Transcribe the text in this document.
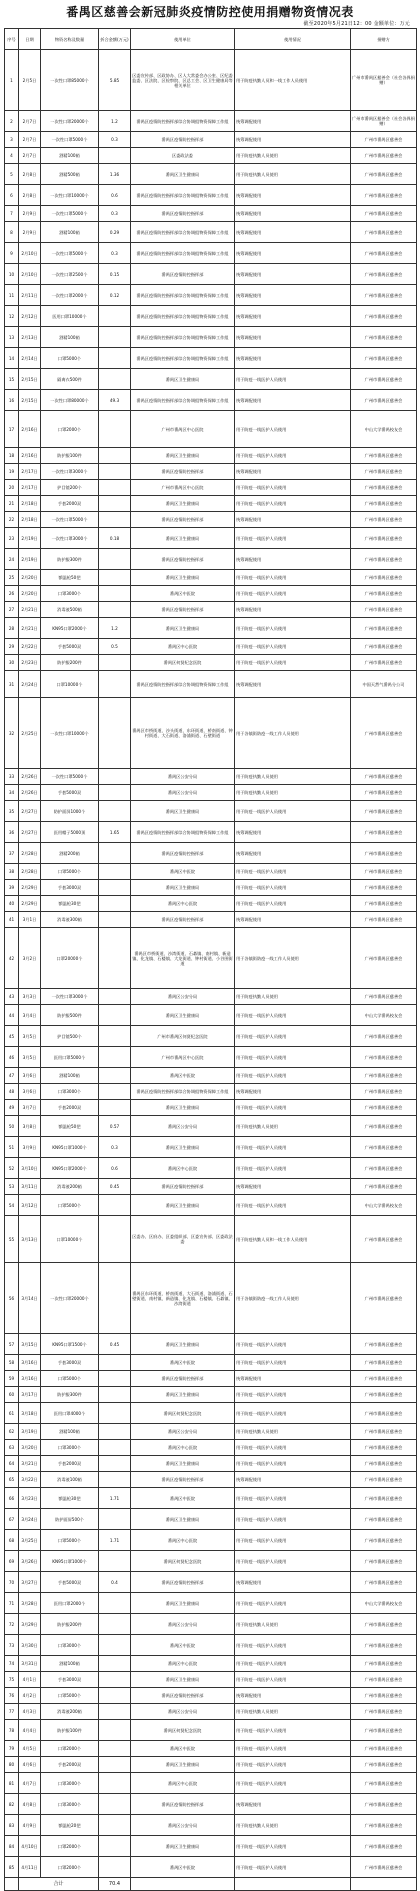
番禺区慈善会新冠肺炎疫情防控使用捐赠物资情况表
截至2020年5月21日12：00 金额单位：万元
序号	日期	物资名称及数量	折合金额(万元)	使用单位	使用情况	捐赠方
1	2月5日	一次性口罩85000个	5.85	区委宣传部、区政协办、区人大常委会办公室、区纪委监委、区法院、区检察院、区总工会、区卫生健康局等相关单位	用于防疫执勤人员和一线工作人员使用	广州市番禺区慈善会（社会各界捐赠）
2	2月7日	一次性口罩20000个	1.2	番禺区疫情防控指挥部综合协调组物资保障工作组	统筹调配使用	广州市番禺区慈善会（社会各界捐赠）
3	2月7日	一次性口罩5000个	0.3	番禺区疫情防控指挥部	统筹调配使用	广州市番禺区慈善会
4	2月7日	酒精100箱		区委政法委	用于防疫执勤人员使用	广州市番禺区慈善会
5	2月8日	酒精500箱	1.36	番禺区卫生健康局	用于防疫执勤人员使用	广州市番禺区慈善会
6	2月8日	一次性口罩10000个	0.6	番禺区疫情防控指挥部综合协调组物资保障工作组	统筹调配使用	广州市番禺区慈善会
7	2月9日	一次性口罩5000个	0.3	番禺区疫情防控指挥部	统筹调配使用	广州市番禺区慈善会
8	2月9日	酒精100箱	0.29	番禺区疫情防控指挥部综合协调组物资保障工作组	统筹调配使用	广州市番禺区慈善会
9	2月10日	一次性口罩5000个	0.3	番禺区疫情防控指挥部综合协调组物资保障工作组	统筹调配使用	广州市番禺区慈善会
10	2月10日	一次性口罩2500个	0.15	番禺区疫情防控指挥部	统筹调配使用	广州市番禺区慈善会
11	2月11日	一次性口罩2000个	0.12	番禺区疫情防控指挥部综合协调组物资保障工作组	统筹调配使用	广州市番禺区慈善会
12	2月12日	医用口罩10000个		番禺区疫情防控指挥部综合协调组物资保障工作组	统筹调配使用	广州市番禺区慈善会
13	2月13日	酒精100箱		番禺区疫情防控指挥部综合协调组物资保障工作组	统筹调配使用	广州市番禺区慈善会
14	2月14日	口罩5000个		番禺区疫情防控指挥部综合协调组物资保障工作组	统筹调配使用	广州市番禺区慈善会
15	2月15日	隔离衣500件		番禺区卫生健康局	用于防疫一线医护人员使用	广州市番禺区慈善会
16	2月15日	一次性口罩80000个	49.3	番禺区疫情防控指挥部综合协调组物资保障工作组	统筹调配使用	广州市番禺区慈善会
17	2月16日	口罩2000个		广州市番禺区中心医院	用于防疫一线医护人员使用	中山大学番禺校友会
18	2月16日	防护服100件		番禺区卫生健康局	用于防疫一线医护人员使用	广州市番禺区慈善会
19	2月17日	一次性口罩3000个		番禺区疫情防控指挥部	统筹调配使用	广州市番禺区慈善会
20	2月17日	护目镜200个		广州市番禺区中心医院	用于防疫一线医护人员使用	广州市番禺区慈善会
21	2月18日	手套2000双		番禺区卫生健康局	用于防疫一线医护人员使用	广州市番禺区慈善会
22	2月18日	一次性口罩5000个		番禺区疫情防控指挥部	统筹调配使用	广州市番禺区慈善会
23	2月19日	一次性口罩3000个	0.18	番禺区卫生健康局	用于防疫一线医护人员使用	广州市番禺区慈善会
24	2月19日	防护服300件		番禺区疫情防控指挥部	统筹调配使用	广州市番禺区慈善会
25	2月20日	额温枪50把		番禺区卫生健康局	用于防疫一线医护人员使用	广州市番禺区慈善会
26	2月20日	口罩3000个		番禺区中医院	用于防疫一线医护人员使用	广州市番禺区慈善会
27	2月21日	消毒液500箱		番禺区疫情防控指挥部	统筹调配使用	广州市番禺区慈善会
28	2月21日	KN95口罩2000个	1.2	番禺区卫生健康局	用于防疫一线医护人员使用	广州市番禺区慈善会
29	2月22日	手套5000双	0.5	番禺区中心医院	用于防疫一线医护人员使用	广州市番禺区慈善会
30	2月23日	防护服200件		番禺区何贤纪念医院	用于防疫一线医护人员使用	广州市番禺区慈善会
31	2月24日	口罩10000个		番禺区疫情防控指挥部综合协调组物资保障工作组	统筹调配使用	中国天然气番禺分公司
32	2月25日	一次性口罩10000个		番禺区市桥街道、沙头街道、东环街道、桥南街道、钟村街道、大石街道、洛浦街道、石壁街道	用于各镇街防疫一线工作人员使用	广州市番禺区慈善会
33	2月26日	一次性口罩5000个		番禺区公安分局	用于防疫执勤人员使用	广州市番禺区慈善会
34	2月26日	手套5000双		番禺区公安分局	用于防疫执勤人员使用	广州市番禺区慈善会
35	2月27日	防护面屏1000个		番禺区卫生健康局	用于防疫一线医护人员使用	广州市番禺区慈善会
36	2月27日	医用帽子5000顶	1.65	番禺区疫情防控指挥部综合协调组物资保障工作组	统筹调配使用	广州市番禺区慈善会
37	2月28日	酒精200箱		番禺区疫情防控指挥部	统筹调配使用	广州市番禺区慈善会
38	2月28日	口罩5000个		番禺区中医院	用于防疫一线医护人员使用	广州市番禺区慈善会
39	2月29日	手套3000双		番禺区卫生健康局	用于防疫一线医护人员使用	广州市番禺区慈善会
40	2月29日	额温枪30把		番禺区中心医院	用于防疫一线医护人员使用	广州市番禺区慈善会
41	3月1日	消毒液300箱		番禺区疫情防控指挥部	统筹调配使用	广州市番禺区慈善会
42	3月2日	口罩20000个		番禺区市桥街道、沙湾街道、石碁镇、南村镇、新造镇、化龙镇、石楼镇、大龙街道、钟村街道、小谷围街道	用于各镇街防疫一线工作人员使用	广州市番禺区慈善会
43	3月3日	一次性口罩3000个		番禺区公安分局	用于防疫执勤人员使用	广州市番禺区慈善会
44	3月4日	防护服500件		番禺区卫生健康局	用于防疫一线医护人员使用	中山大学番禺校友会
45	3月5日	护目镜500个		广州市番禺区何贤纪念医院	用于防疫一线医护人员使用	广州市番禺区慈善会
46	3月5日	医用口罩5000个		广州市番禺区中心医院	用于防疫一线医护人员使用	广州市番禺区慈善会
47	3月6日	酒精100箱		番禺区中医院	用于防疫一线医护人员使用	广州市番禺区慈善会
48	3月6日	口罩3000个		番禺区疫情防控指挥部综合协调组物资保障工作组	统筹调配使用	广州市番禺区慈善会
49	3月7日	手套2000双		番禺区卫生健康局	用于防疫一线医护人员使用	广州市番禺区慈善会
50	3月8日	额温枪50把	0.57	番禺区公安分局	用于防疫执勤人员使用	广州市番禺区慈善会
51	3月9日	KN95口罩1000个	0.3	番禺区卫生健康局	用于防疫一线医护人员使用	广州市番禺区慈善会
52	3月10日	KN95口罩2000个	0.6	番禺区中心医院	用于防疫一线医护人员使用	广州市番禺区慈善会
53	3月11日	消毒液200箱	0.45	番禺区疫情防控指挥部	统筹调配使用	广州市番禺区慈善会
54	3月12日	口罩5000个		番禺区卫生健康局	用于防疫一线医护人员使用	中山大学番禺校友会
55	3月13日	口罩10000个		区委办、区府办、区委组织部、区委宣传部、区委政法委	用于防疫执勤人员和一线工作人员使用	广州市番禺区慈善会
56	3月14日	一次性口罩20000个		番禺区东环街道、桥南街道、大石街道、洛浦街道、石壁街道、南村镇、新造镇、化龙镇、石楼镇、石碁镇、沙湾街道	用于各镇街防疫一线工作人员使用	广州市番禺区慈善会
57	3月15日	KN95口罩1500个	0.45	番禺区卫生健康局	用于防疫一线医护人员使用	广州市番禺区慈善会
58	3月16日	手套3000双		番禺区中医院	用于防疫一线医护人员使用	广州市番禺区慈善会
59	3月16日	口罩5000个		番禺区疫情防控指挥部	统筹调配使用	广州市番禺区慈善会
60	3月17日	防护服300件		番禺区卫生健康局	用于防疫一线医护人员使用	广州市番禺区慈善会
61	3月18日	医用口罩4000个		番禺区何贤纪念医院	用于防疫一线医护人员使用	广州市番禺区慈善会
62	3月19日	酒精100箱		番禺区公安分局	用于防疫执勤人员使用	广州市番禺区慈善会
63	3月20日	口罩3000个		番禺区中心医院	用于防疫一线医护人员使用	广州市番禺区慈善会
64	3月21日	手套2000双		番禺区卫生健康局	用于防疫一线医护人员使用	广州市番禺区慈善会
65	3月22日	消毒液100箱		番禺区疫情防控指挥部	统筹调配使用	广州市番禺区慈善会
66	3月23日	额温枪30把	1.71	番禺区中医院	用于防疫一线医护人员使用	广州市番禺区慈善会
67	3月24日	防护面屏500个		番禺区卫生健康局	用于防疫一线医护人员使用	广州市番禺区慈善会
68	3月25日	口罩5000个	1.71	番禺区中心医院	用于防疫一线医护人员使用	广州市番禺区慈善会
69	3月26日	KN95口罩1000个		番禺区何贤纪念医院	用于防疫一线医护人员使用	广州市番禺区慈善会
70	3月27日	手套5000双	0.4	番禺区疫情防控指挥部	统筹调配使用	广州市番禺区慈善会
71	3月28日	医用口罩2000个		番禺区卫生健康局	用于防疫一线医护人员使用	中山大学番禺校友会
72	3月29日	防护服200件		番禺区公安分局	用于防疫执勤人员使用	广州市番禺区慈善会
73	3月30日	口罩3000个		番禺区中医院	用于防疫一线医护人员使用	广州市番禺区慈善会
74	3月31日	酒精100箱		番禺区中心医院	用于防疫一线医护人员使用	广州市番禺区慈善会
75	4月1日	手套3000双		番禺区卫生健康局	用于防疫一线医护人员使用	广州市番禺区慈善会
76	4月2日	口罩5000个		番禺区疫情防控指挥部	统筹调配使用	广州市番禺区慈善会
77	4月3日	消毒液200箱		番禺区公安分局	用于防疫执勤人员使用	广州市番禺区慈善会
78	4月4日	防护服100件		番禺区何贤纪念医院	用于防疫一线医护人员使用	广州市番禺区慈善会
79	4月5日	口罩2000个		番禺区中医院	用于防疫一线医护人员使用	广州市番禺区慈善会
80	4月6日	手套2000双		番禺区卫生健康局	用于防疫一线医护人员使用	广州市番禺区慈善会
81	4月7日	口罩3000个		番禺区中心医院	用于防疫一线医护人员使用	广州市番禺区慈善会
82	4月8日	口罩3000个		番禺区疫情防控指挥部	统筹调配使用	广州市番禺区慈善会
83	4月9日	额温枪20把		番禺区公安分局	用于防疫执勤人员使用	广州市番禺区慈善会
84	4月10日	口罩2000个		番禺区卫生健康局	用于防疫一线医护人员使用	广州市番禺区慈善会
85	4月11日	口罩2000个		番禺区中医院	用于防疫一线医护人员使用	广州市番禺区慈善会
	合计		70.4			
